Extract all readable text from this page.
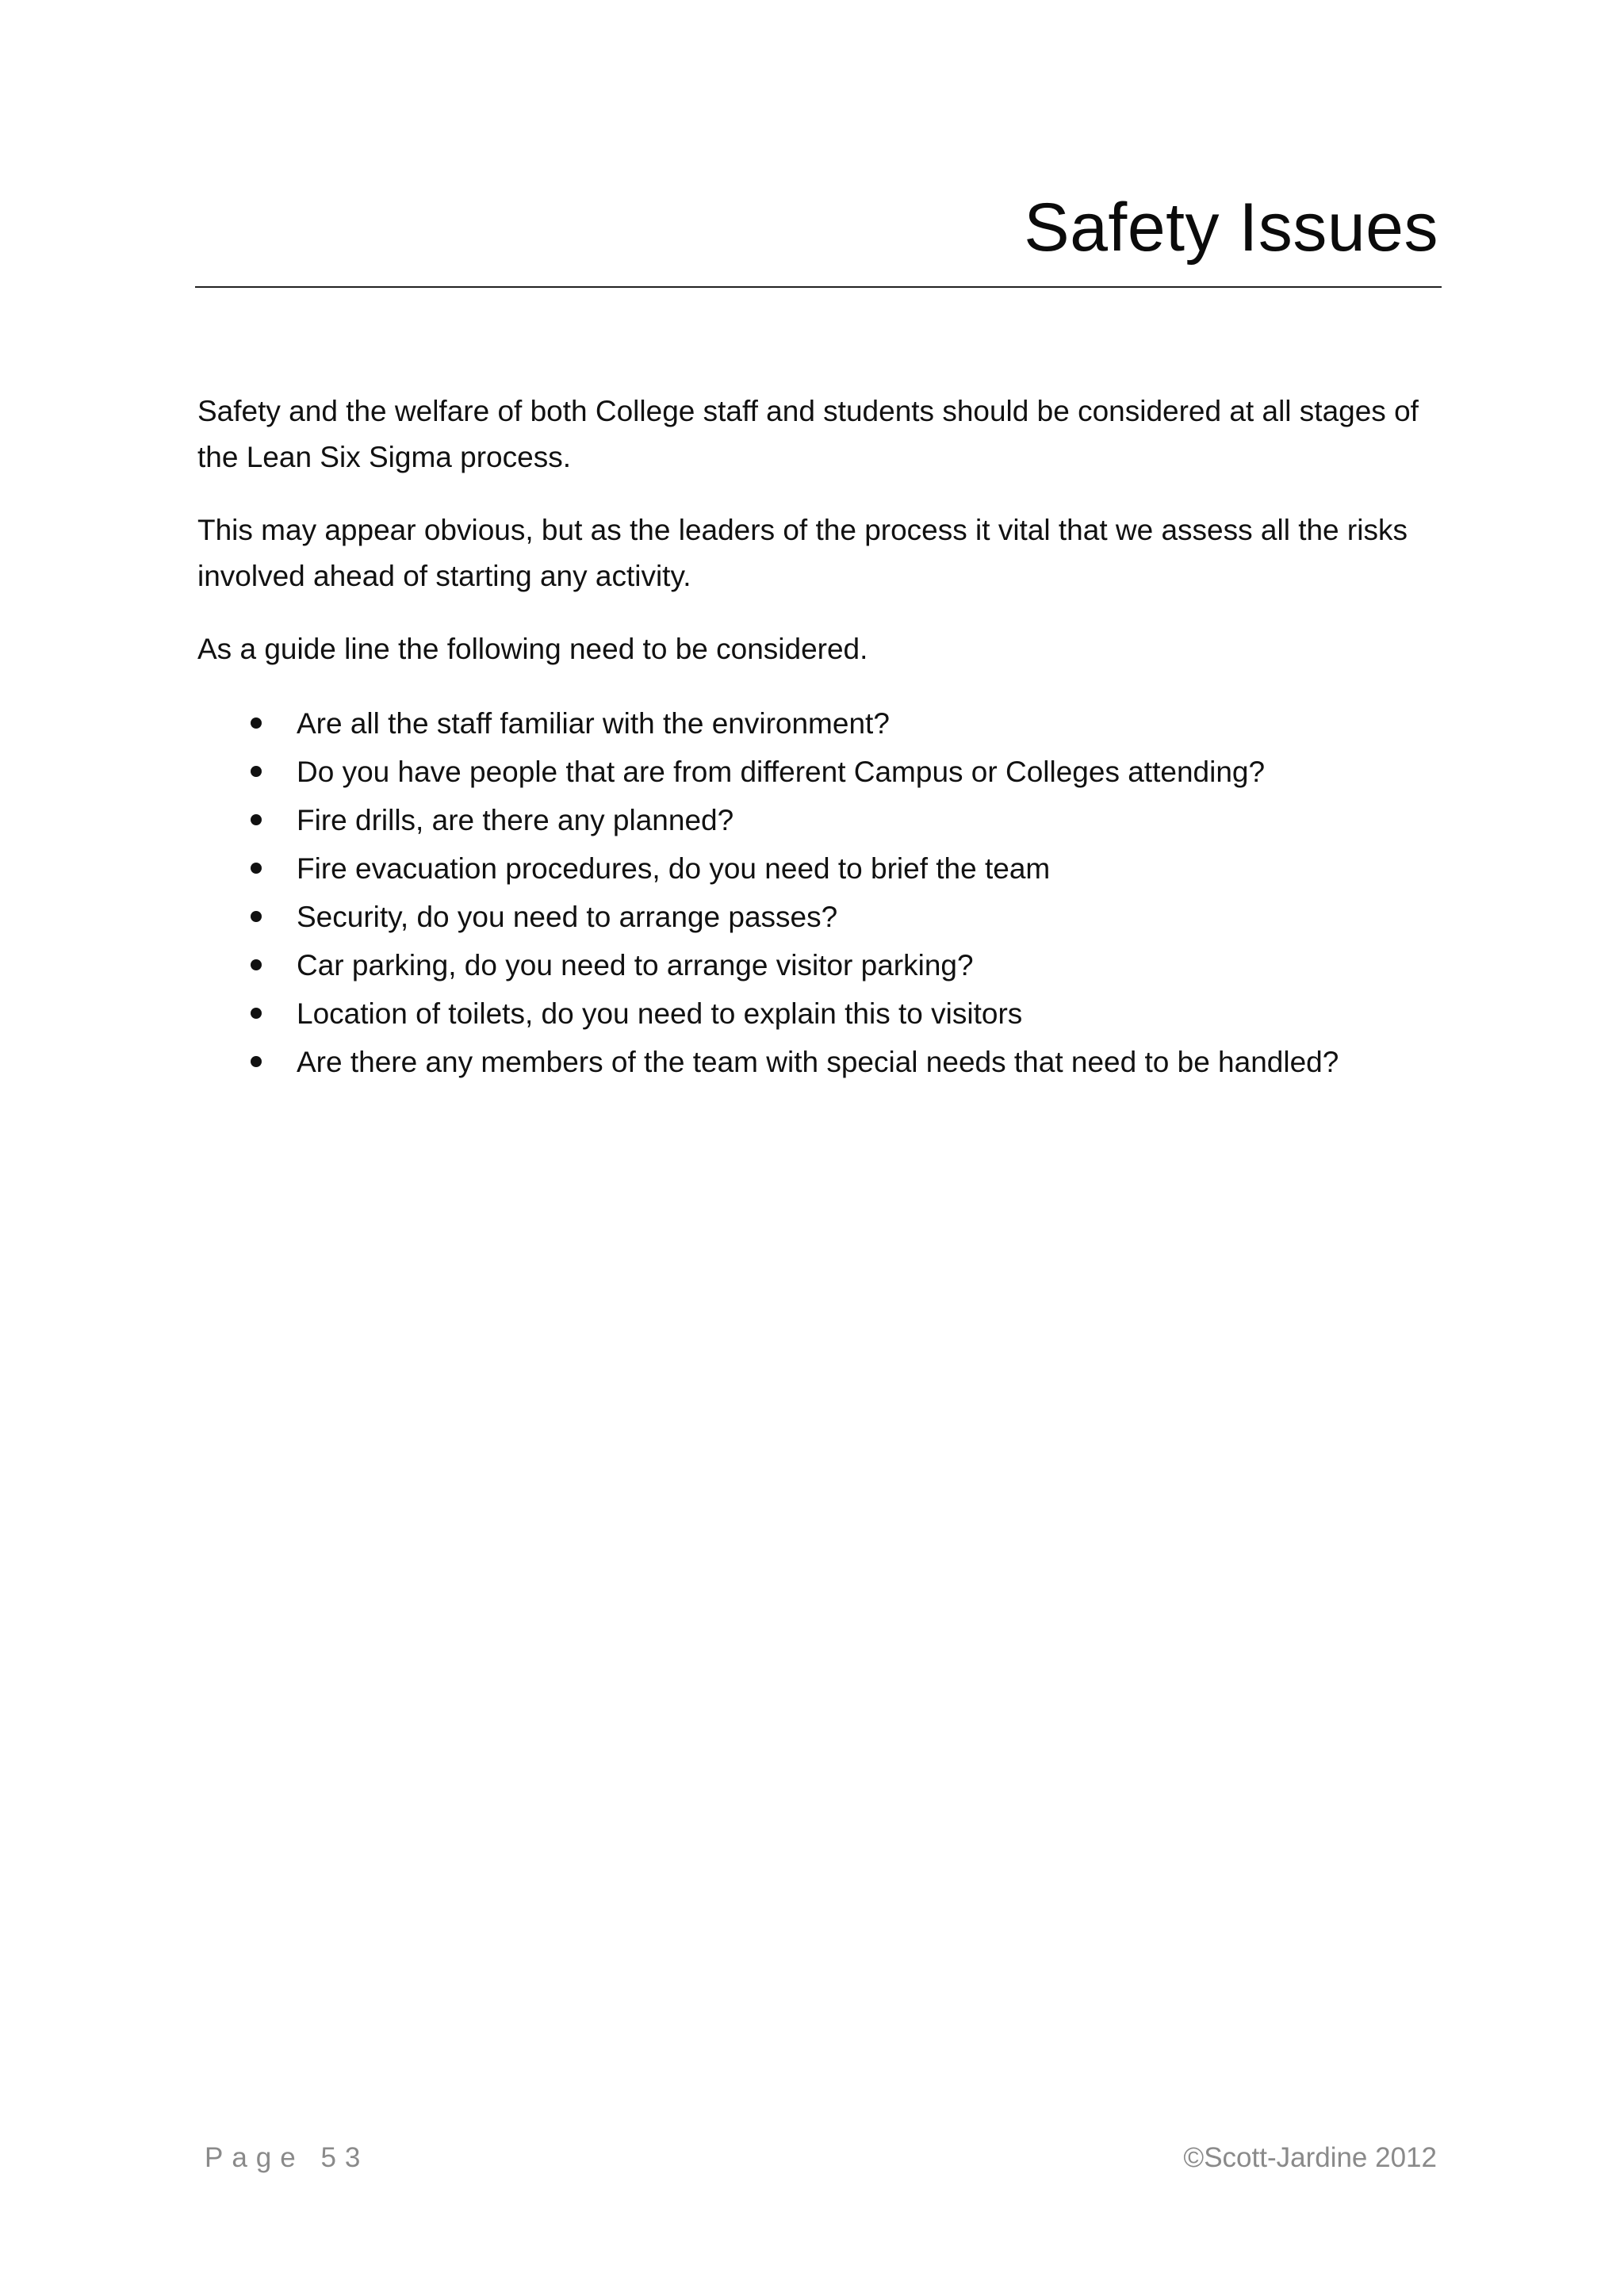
Safety Issues

Safety and the welfare of both College staff and students should be considered at all stages of the Lean Six Sigma process.

This may appear obvious, but as the leaders of the process it vital that we assess all the risks involved ahead of starting any activity.

As a guide line the following need to be considered.

Are all the staff familiar with the environment?
Do you have people that are from different Campus or Colleges attending?
Fire drills, are there any planned?
Fire evacuation procedures, do you need to brief the team
Security, do you need to arrange passes?
Car parking, do you need to arrange visitor parking?
Location of toilets, do you need to explain this to visitors
Are there any members of the team with special needs that need to be handled?
Page 53	©Scott-Jardine 2012
